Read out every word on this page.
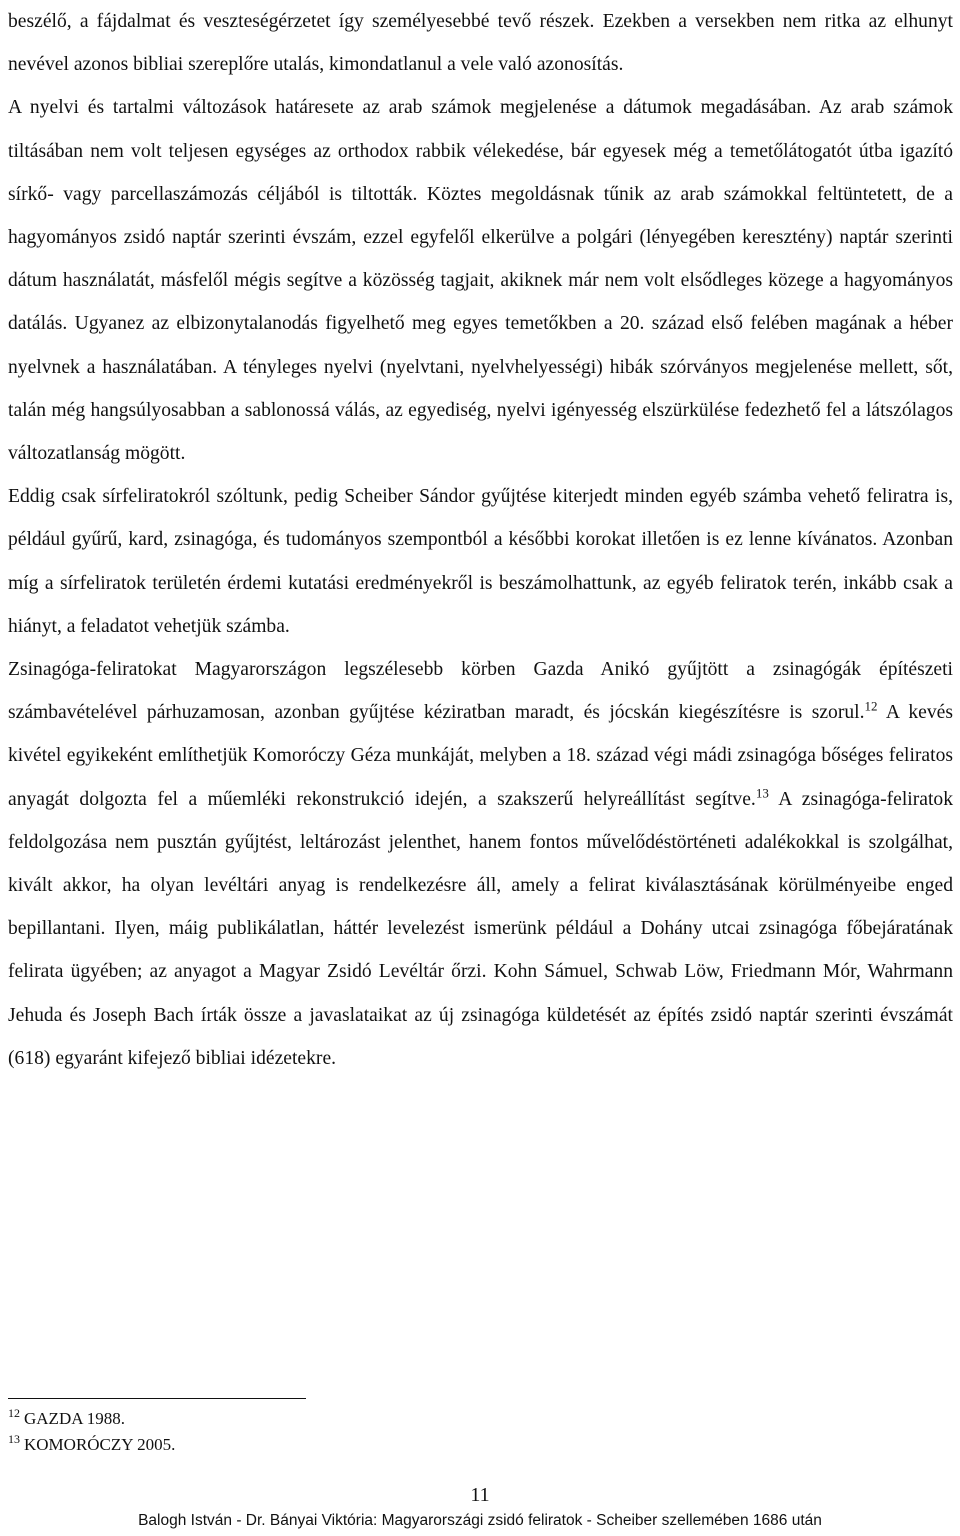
beszélő, a fájdalmat és veszteségérzetet így személyesebbé tevő részek. Ezekben a versekben nem ritka az elhunyt nevével azonos bibliai szereplőre utalás, kimondatlanul a vele való azonosítás.

A nyelvi és tartalmi változások határesete az arab számok megjelenése a dátumok megadásában. Az arab számok tiltásában nem volt teljesen egységes az orthodox rabbik vélekedése, bár egyesek még a temetőlátogatót útba igazító sírkő- vagy parcellaszámozás céljából is tiltották. Köztes megoldásnak tűnik az arab számokkal feltüntetett, de a hagyományos zsidó naptár szerinti évszám, ezzel egyfelől elkerülve a polgári (lényegében keresztény) naptár szerinti dátum használatát, másfelől mégis segítve a közösség tagjait, akiknek már nem volt elsődleges közege a hagyományos datálás. Ugyanez az elbizonytalanodás figyelhető meg egyes temetőkben a 20. század első felében magának a héber nyelvnek a használatában. A tényleges nyelvi (nyelvtani, nyelvhelyességi) hibák szórványos megjelenése mellett, sőt, talán még hangsúlyosabban a sablonossá válás, az egyediség, nyelvi igényesség elszürkülése fedezhető fel a látszólagos változatlanság mögött.

Eddig csak sírfeliratokról szóltunk, pedig Scheiber Sándor gyűjtése kiterjedt minden egyéb számba vehető feliratra is, például gyűrű, kard, zsinagóga, és tudományos szempontból a későbbi korokat illetően is ez lenne kívánatos. Azonban míg a sírfeliratok területén érdemi kutatási eredményekről is beszámolhattunk, az egyéb feliratok terén, inkább csak a hiányt, a feladatot vehetjük számba.

Zsinagóga-feliratokat Magyarországon legszélesebb körben Gazda Anikó gyűjtött a zsinagógák építészeti számbavételével párhuzamosan, azonban gyűjtése kéziratban maradt, és jócskán kiegészítésre is szorul.$^{12}$ A kevés kivétel egyikeként említhetjük Komoróczy Géza munkáját, melyben a 18. század végi mádi zsinagóga bőséges feliratos anyagát dolgozta fel a műemléki rekonstrukció idején, a szakszerű helyreállítást segítve.$^{13}$ A zsinagóga-feliratok feldolgozása nem pusztán gyűjtést, leltározást jelenthet, hanem fontos művelődéstörténeti adalékokkal is szolgálhat, kivált akkor, ha olyan levéltári anyag is rendelkezésre áll, amely a felirat kiválasztásának körülményeibe enged bepillantani. Ilyen, máig publikálatlan, háttér levelezést ismerünk például a Dohány utcai zsinagóga főbejáratának felirata ügyében; az anyagot a Magyar Zsidó Levéltár őrzi. Kohn Sámuel, Schwab Löw, Friedmann Mór, Wahrmann Jehuda és Joseph Bach írták össze a javaslataikat az új zsinagóga küldetését az építés zsidó naptár szerinti évszámát (618) egyaránt kifejező bibliai idézetekre.

$^{12}$ GAZDA 1988.
$^{13}$ KOMORÓCZY 2005.
11
Balogh István - Dr. Bányai Viktória: Magyarországi zsidó feliratok - Scheiber szellemében 1686 után
